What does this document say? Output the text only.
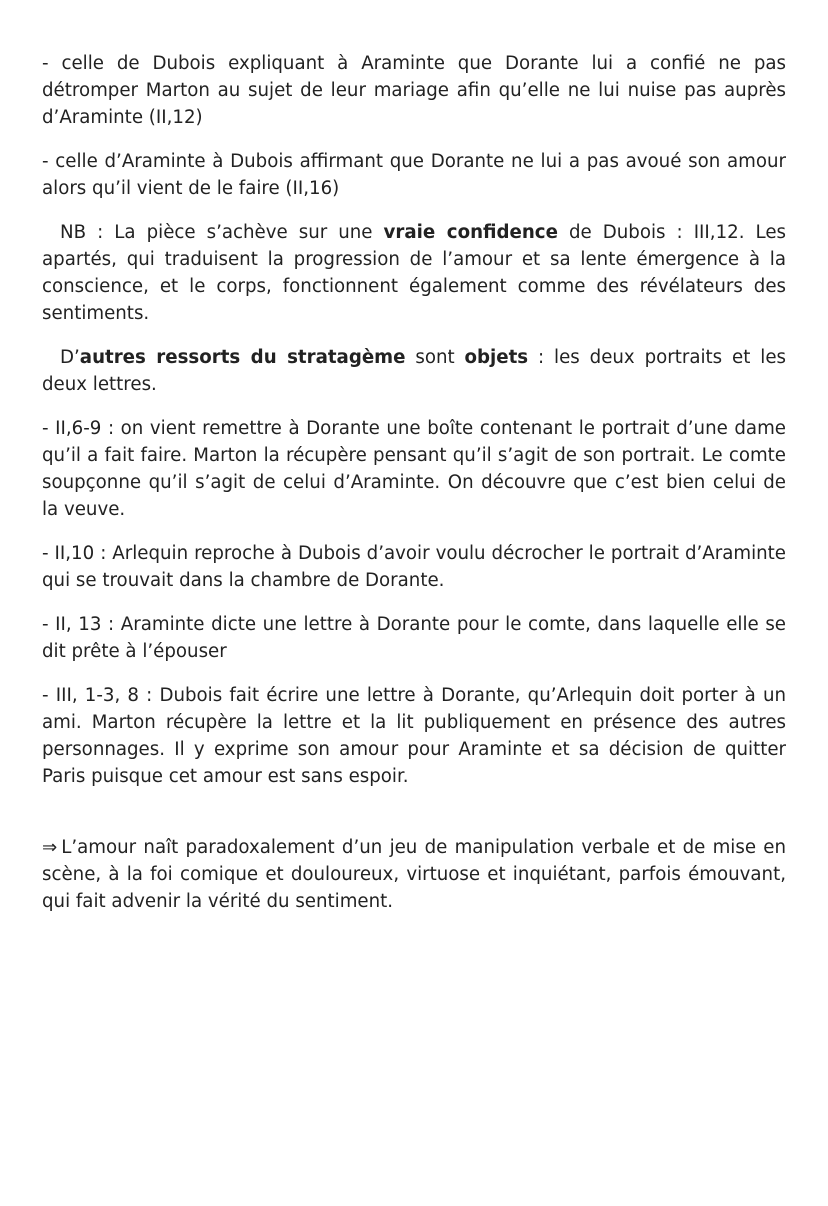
- celle de Dubois expliquant à Araminte que Dorante lui a confié ne pas détromper Marton au sujet de leur mariage afin qu’elle ne lui nuise pas auprès d’Araminte (II,12)

- celle d’Araminte à Dubois affirmant que Dorante ne lui a pas avoué son amour alors qu’il vient de le faire (II,16)

NB : La pièce s’achève sur une vraie confidence de Dubois : III,12. Les apartés, qui traduisent la progression de l’amour et sa lente émergence à la conscience, et le corps, fonctionnent également comme des révélateurs des sentiments.

D’autres ressorts du stratagème sont objets : les deux portraits et les deux lettres.

- II,6-9 : on vient remettre à Dorante une boîte contenant le portrait d’une dame qu’il a fait faire. Marton la récupère pensant qu’il s’agit de son portrait. Le comte soupçonne qu’il s’agit de celui d’Araminte. On découvre que c’est bien celui de la veuve.

- II,10 : Arlequin reproche à Dubois d’avoir voulu décrocher le portrait d’Araminte qui se trouvait dans la chambre de Dorante.

- II, 13 : Araminte dicte une lettre à Dorante pour le comte, dans laquelle elle se dit prête à l’épouser

- III, 1-3, 8 : Dubois fait écrire une lettre à Dorante, qu’Arlequin doit porter à un ami. Marton récupère la lettre et la lit publiquement en présence des autres personnages. Il y exprime son amour pour Araminte et sa décision de quitter Paris puisque cet amour est sans espoir.

⇒ L’amour naît paradoxalement d’un jeu de manipulation verbale et de mise en scène, à la foi comique et douloureux, virtuose et inquiétant, parfois émouvant, qui fait advenir la vérité du sentiment.
